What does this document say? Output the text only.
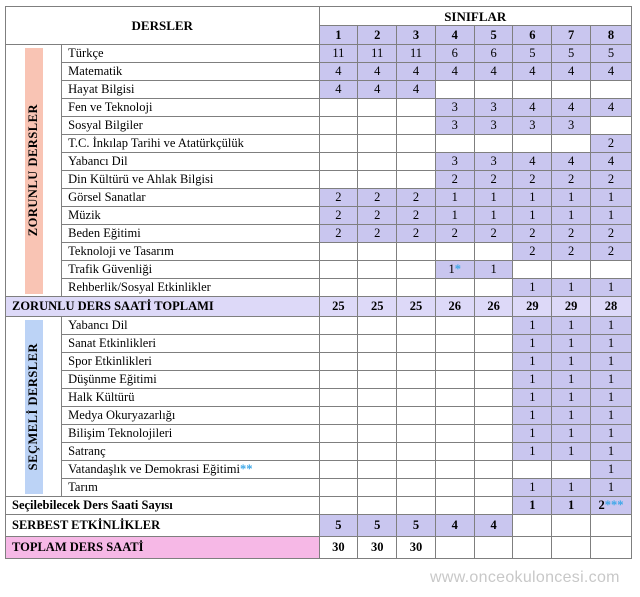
DERSLER		SINIFLAR							
		1	2	3	4	5	6	7	8

ZORUNLU DERSLER	Türkçe	11	11	11	6	6	5	5	5
	Matematik	4	4	4	4	4	4	4	4
	Hayat Bilgisi	4	4	4					
	Fen ve Teknoloji				3	3	4	4	4
	Sosyal Bilgiler				3	3	3	3	
	T.C. İnkılap Tarihi ve Atatürkçülük								2
	Yabancı Dil				3	3	4	4	4
	Din Kültürü ve Ahlak Bilgisi				2	2	2	2	2
	Görsel Sanatlar	2	2	2	1	1	1	1	1
	Müzik	2	2	2	1	1	1	1	1
	Beden Eğitimi	2	2	2	2	2	2	2	2
	Teknoloji ve Tasarım						2	2	2
	Trafik Güvenliği				1*	1			
	Rehberlik/Sosyal Etkinlikler						1	1	1
ZORUNLU DERS SAATİ TOPLAMI		25	25	25	26	26	29	29	28

SEÇMELİ DERSLER	Yabancı Dil						1	1	1
	Sanat Etkinlikleri						1	1	1
	Spor Etkinlikleri						1	1	1
	Düşünme Eğitimi						1	1	1
	Halk Kültürü						1	1	1
	Medya Okuryazarlığı						1	1	1
	Bilişim Teknolojileri						1	1	1
	Satranç						1	1	1
	Vatandaşlık ve Demokrasi Eğitimi**								1
	Tarım						1	1	1
Seçilebilecek Ders Saati Sayısı							1	1	2***
SERBEST ETKİNLİKLER		5	5	5	4	4			
TOPLAM DERS SAATİ		30	30	30					
www.onceokuloncesi.com
